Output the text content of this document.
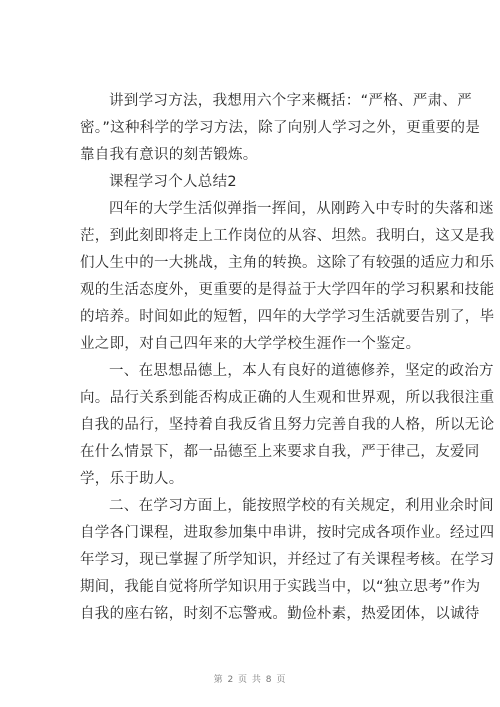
讲到学习方法，我想用六个字来概括：“严格、严肃、严
密。”这种科学的学习方法，除了向别人学习之外，更重要的是
靠自我有意识的刻苦锻炼。
课程学习个人总结2
四年的大学生活似弹指一挥间，从刚跨入中专时的失落和迷
茫，到此刻即将走上工作岗位的从容、坦然。我明白，这又是我
们人生中的一大挑战，主角的转换。这除了有较强的适应力和乐
观的生活态度外，更重要的是得益于大学四年的学习积累和技能
的培养。时间如此的短暂，四年的大学学习生活就要告别了，毕
业之即，对自己四年来的大学学校生涯作一个鉴定。
一、在思想品德上，本人有良好的道德修养，坚定的政治方
向。品行关系到能否构成正确的人生观和世界观，所以我很注重
自我的品行，坚持着自我反省且努力完善自我的人格，所以无论
在什么情景下，都一品德至上来要求自我，严于律己，友爱同
学，乐于助人。
二、在学习方面上，能按照学校的有关规定，利用业余时间
自学各门课程，进取参加集中串讲，按时完成各项作业。经过四
年学习，现已掌握了所学知识，并经过了有关课程考核。在学习
期间，我能自觉将所学知识用于实践当中，以“独立思考”作为
自我的座右铭，时刻不忘警戒。勤俭朴素，热爱团体，以诚待
第 2 页 共 8 页
